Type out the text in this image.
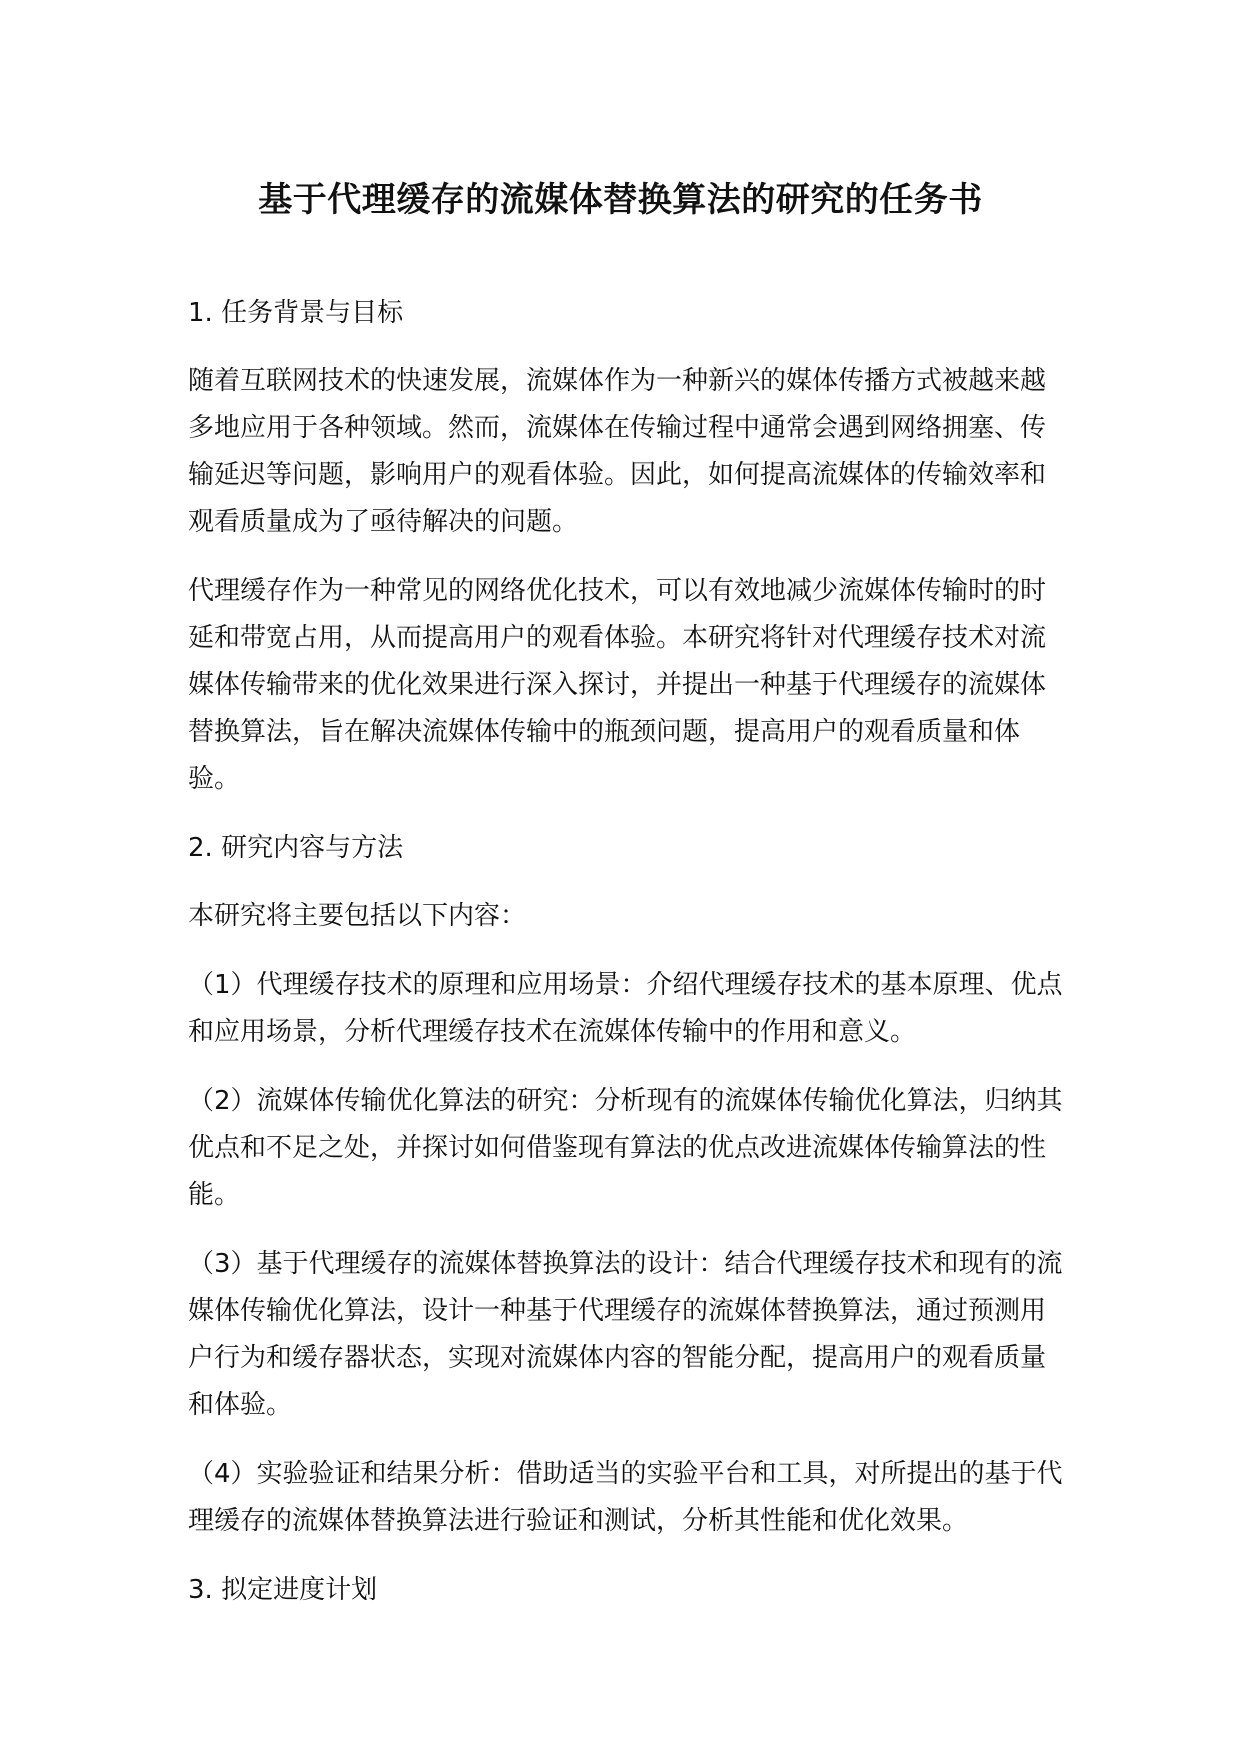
基于代理缓存的流媒体替换算法的研究的任务书
1. 任务背景与目标

随着互联网技术的快速发展，流媒体作为一种新兴的媒体传播方式被越来越多地应用于各种领域。然而，流媒体在传输过程中通常会遇到网络拥塞、传输延迟等问题，影响用户的观看体验。因此，如何提高流媒体的传输效率和观看质量成为了亟待解决的问题。

代理缓存作为一种常见的网络优化技术，可以有效地减少流媒体传输时的时延和带宽占用，从而提高用户的观看体验。本研究将针对代理缓存技术对流媒体传输带来的优化效果进行深入探讨，并提出一种基于代理缓存的流媒体替换算法，旨在解决流媒体传输中的瓶颈问题，提高用户的观看质量和体验。

2. 研究内容与方法

本研究将主要包括以下内容：

（1）代理缓存技术的原理和应用场景：介绍代理缓存技术的基本原理、优点和应用场景，分析代理缓存技术在流媒体传输中的作用和意义。

（2）流媒体传输优化算法的研究：分析现有的流媒体传输优化算法，归纳其优点和不足之处，并探讨如何借鉴现有算法的优点改进流媒体传输算法的性能。

（3）基于代理缓存的流媒体替换算法的设计：结合代理缓存技术和现有的流媒体传输优化算法，设计一种基于代理缓存的流媒体替换算法，通过预测用户行为和缓存器状态，实现对流媒体内容的智能分配，提高用户的观看质量和体验。

（4）实验验证和结果分析：借助适当的实验平台和工具，对所提出的基于代理缓存的流媒体替换算法进行验证和测试，分析其性能和优化效果。

3. 拟定进度计划
